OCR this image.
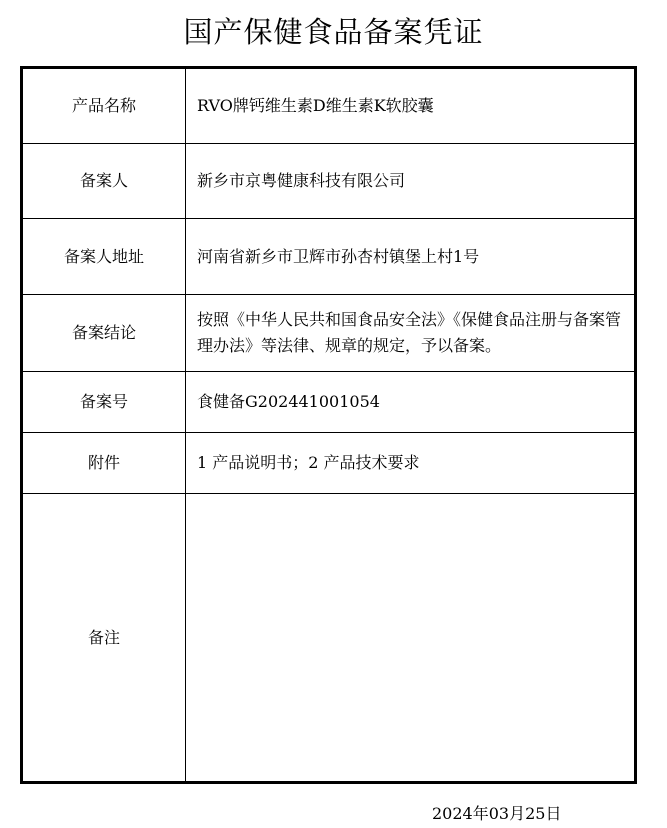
国产保健食品备案凭证
产品名称	RVO牌钙维生素D维生素K软胶囊
备案人	新乡市京粤健康科技有限公司
备案人地址	河南省新乡市卫辉市孙杏村镇堡上村1号
备案结论	按照《中华人民共和国食品安全法》《保健食品注册与备案管理办法》等法律、规章的规定，予以备案。
备案号	食健备G202441001054
附件	1 产品说明书；2 产品技术要求
备注	
2024年03月25日
